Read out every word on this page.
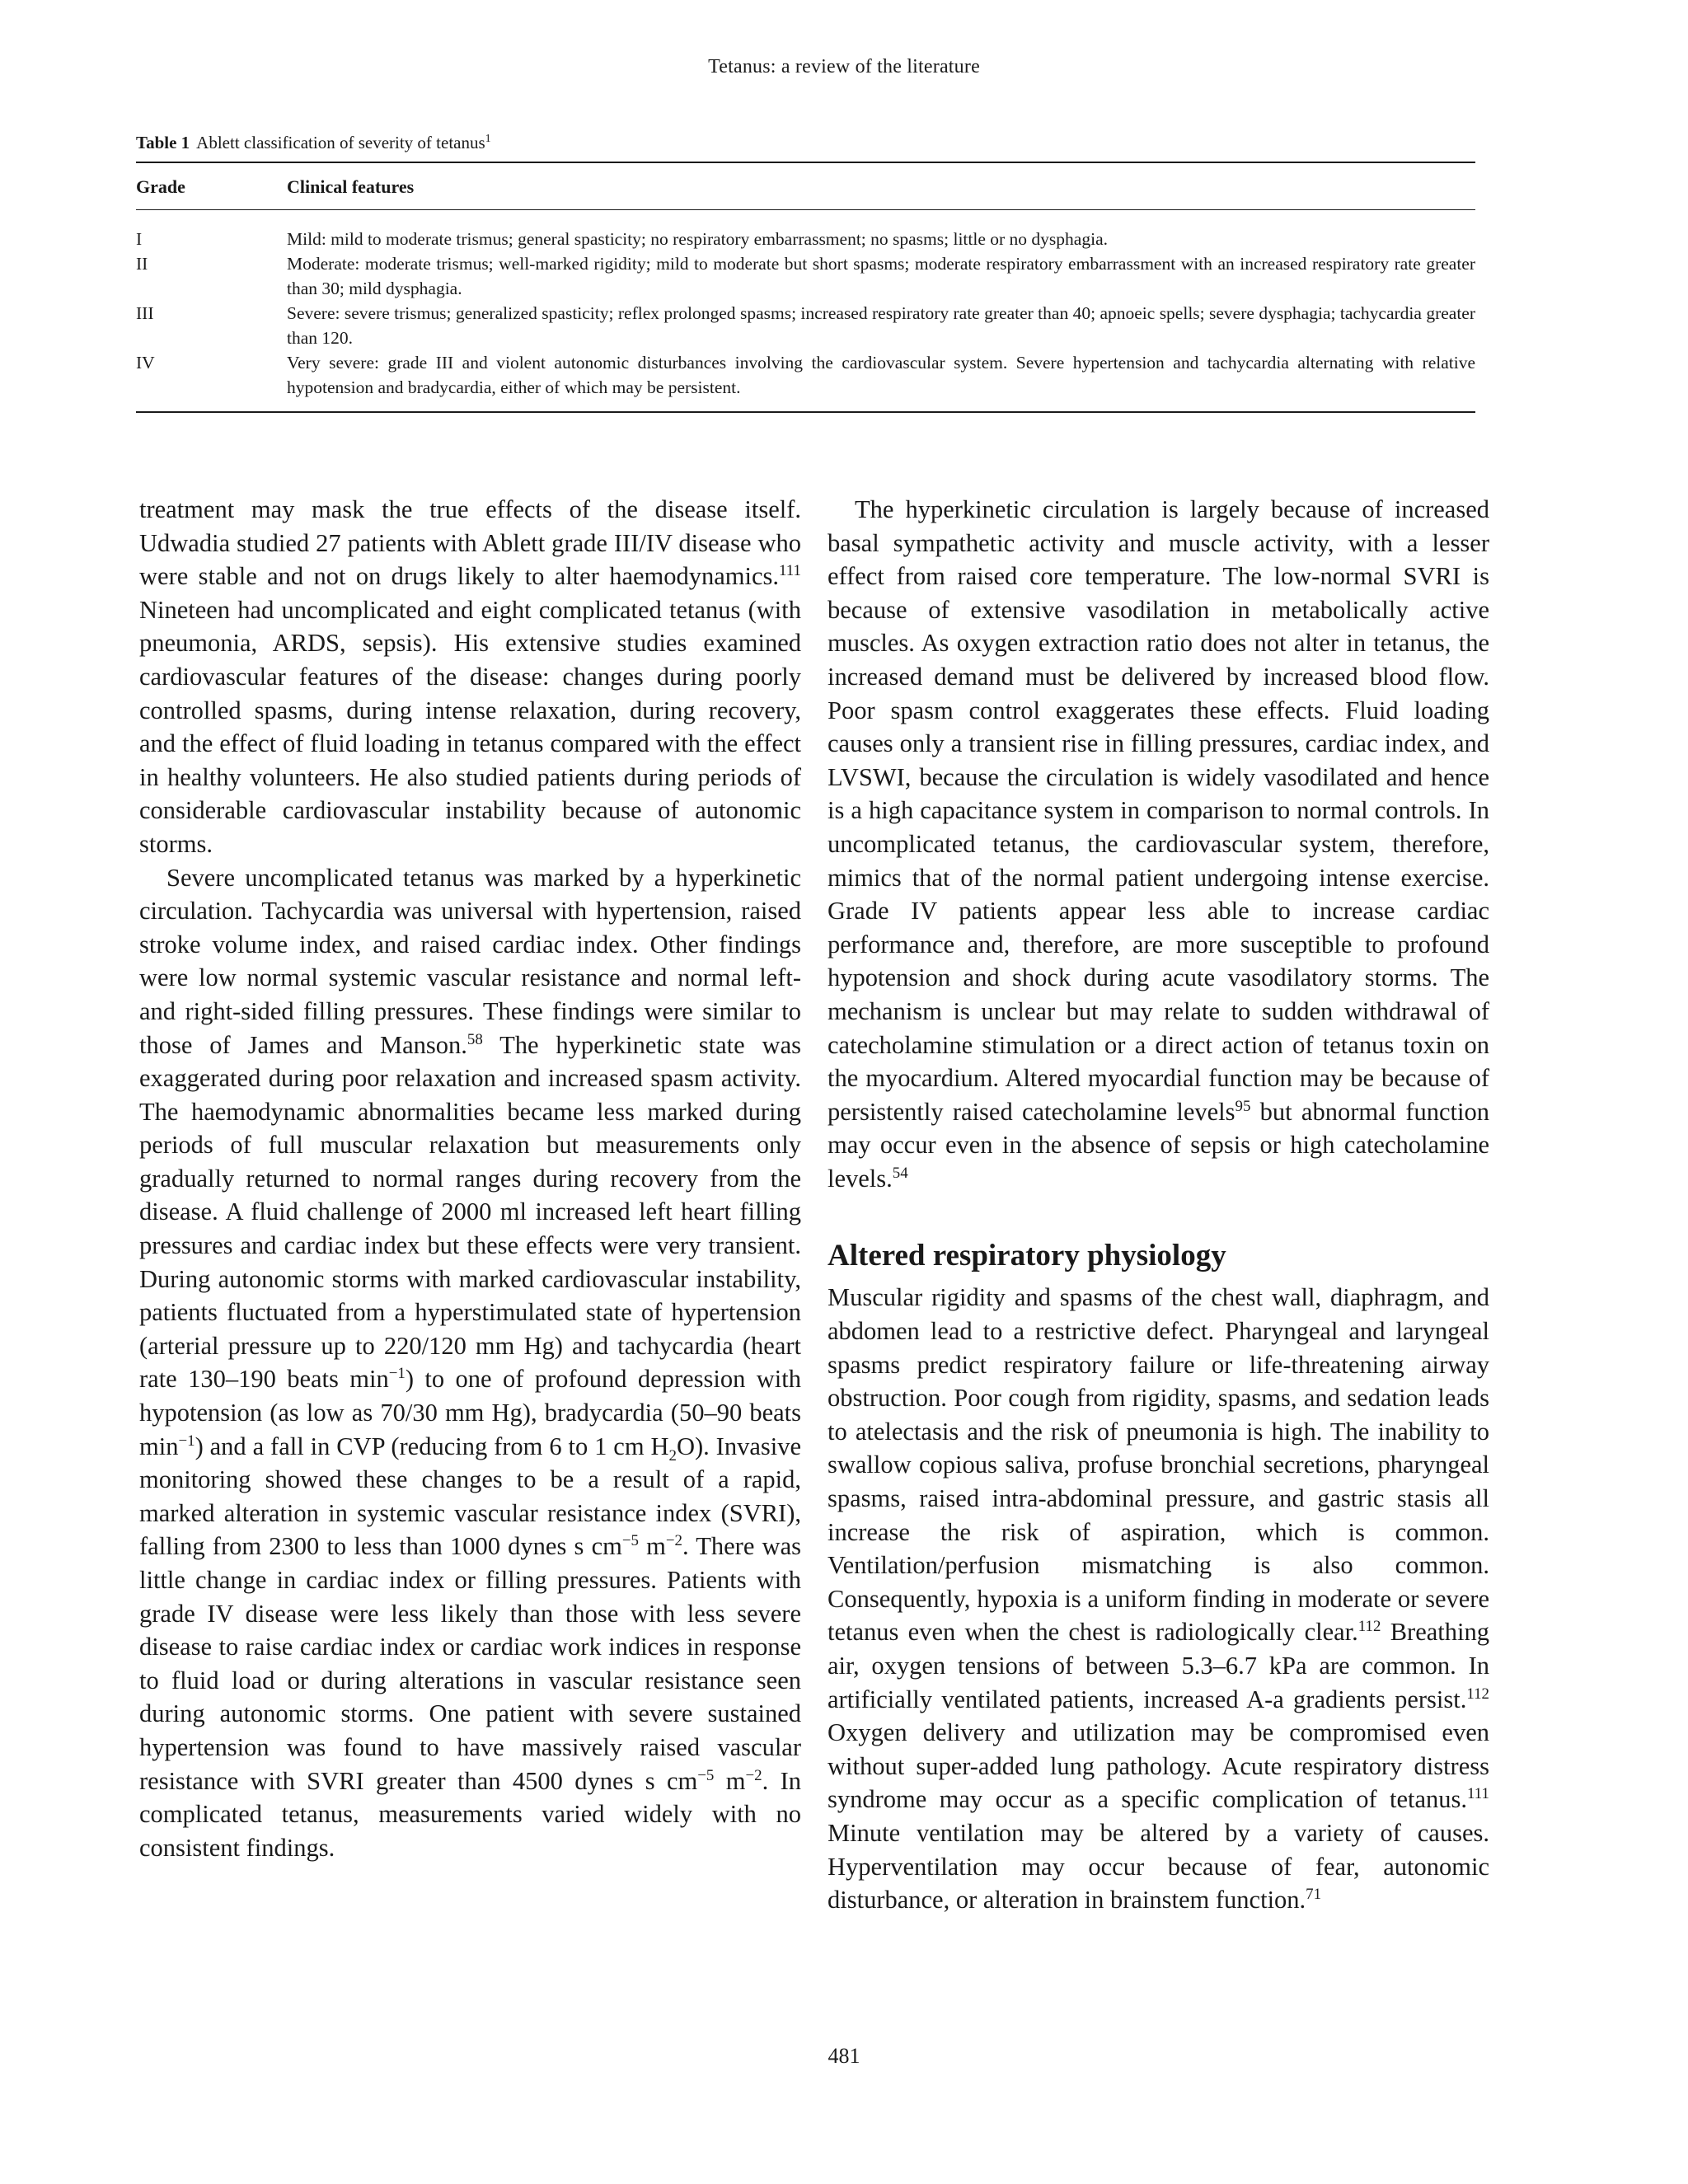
Tetanus: a review of the literature
Table 1 Ablett classification of severity of tetanus$^1$
Grade	Clinical features
I	Mild: mild to moderate trismus; general spasticity; no respiratory embarrassment; no spasms; little or no dysphagia.
II	Moderate: moderate trismus; well-marked rigidity; mild to moderate but short spasms; moderate respiratory embarrassment with an increased respiratory rate greater than 30; mild dysphagia.
III	Severe: severe trismus; generalized spasticity; reflex prolonged spasms; increased respiratory rate greater than 40; apnoeic spells; severe dysphagia; tachycardia greater than 120.
IV	Very severe: grade III and violent autonomic disturbances involving the cardiovascular system. Severe hypertension and tachycardia alternating with relative hypotension and bradycardia, either of which may be persistent.

treatment may mask the true effects of the disease itself. Udwadia studied 27 patients with Ablett grade III/IV disease who were stable and not on drugs likely to alter haemodynamics.$^{111}$ Nineteen had uncomplicated and eight complicated tetanus (with pneumonia, ARDS, sepsis). His extensive studies examined cardiovascular features of the disease: changes during poorly controlled spasms, during intense relaxation, during recovery, and the effect of fluid loading in tetanus compared with the effect in healthy volunteers. He also studied patients during periods of considerable cardiovascular instability because of autonomic storms.

Severe uncomplicated tetanus was marked by a hyperkinetic circulation. Tachycardia was universal with hypertension, raised stroke volume index, and raised cardiac index. Other findings were low normal systemic vascular resistance and normal left- and right-sided filling pressures. These findings were similar to those of James and Manson.$^{58}$ The hyperkinetic state was exaggerated during poor relaxation and increased spasm activity. The haemodynamic abnormalities became less marked during periods of full muscular relaxation but measurements only gradually returned to normal ranges during recovery from the disease. A fluid challenge of 2000 ml increased left heart filling pressures and cardiac index but these effects were very transient. During autonomic storms with marked cardiovascular instability, patients fluctuated from a hyperstimulated state of hypertension (arterial pressure up to 220/120 mm Hg) and tachycardia (heart rate 130–190 beats $\min^{-1}$) to one of profound depression with hypotension (as low as 70/30 mm Hg), bradycardia (50–90 beats $\min^{-1}$) and a fall in CVP (reducing from 6 to 1 cm $H_2O$). Invasive monitoring showed these changes to be a result of a rapid, marked alteration in systemic vascular resistance index (SVRI), falling from 2300 to less than 1000 dynes s $cm^{-5}$ $m^{-2}$. There was little change in cardiac index or filling pressures. Patients with grade IV disease were less likely than those with less severe disease to raise cardiac index or cardiac work indices in response to fluid load or during alterations in vascular resistance seen during autonomic storms. One patient with severe sustained hypertension was found to have massively raised vascular resistance with SVRI greater than 4500 dynes s $cm^{-5}$ $m^{-2}$. In complicated tetanus, measurements varied widely with no consistent findings.

The hyperkinetic circulation is largely because of increased basal sympathetic activity and muscle activity, with a lesser effect from raised core temperature. The low-normal SVRI is because of extensive vasodilation in metabolically active muscles. As oxygen extraction ratio does not alter in tetanus, the increased demand must be delivered by increased blood flow. Poor spasm control exaggerates these effects. Fluid loading causes only a transient rise in filling pressures, cardiac index, and LVSWI, because the circulation is widely vasodilated and hence is a high capacitance system in comparison to normal controls. In uncomplicated tetanus, the cardiovascular system, therefore, mimics that of the normal patient undergoing intense exercise. Grade IV patients appear less able to increase cardiac performance and, therefore, are more susceptible to profound hypotension and shock during acute vasodilatory storms. The mechanism is unclear but may relate to sudden withdrawal of catecholamine stimulation or a direct action of tetanus toxin on the myocardium. Altered myocardial function may be because of persistently raised catecholamine levels$^{95}$ but abnormal function may occur even in the absence of sepsis or high catecholamine levels.$^{54}$

Altered respiratory physiology

Muscular rigidity and spasms of the chest wall, diaphragm, and abdomen lead to a restrictive defect. Pharyngeal and laryngeal spasms predict respiratory failure or life-threatening airway obstruction. Poor cough from rigidity, spasms, and sedation leads to atelectasis and the risk of pneumonia is high. The inability to swallow copious saliva, profuse bronchial secretions, pharyngeal spasms, raised intra-abdominal pressure, and gastric stasis all increase the risk of aspiration, which is common. Ventilation/perfusion mismatching is also common. Consequently, hypoxia is a uniform finding in moderate or severe tetanus even when the chest is radiologically clear.$^{112}$ Breathing air, oxygen tensions of between 5.3–6.7 kPa are common. In artificially ventilated patients, increased A-a gradients persist.$^{112}$ Oxygen delivery and utilization may be compromised even without super-added lung pathology. Acute respiratory distress syndrome may occur as a specific complication of tetanus.$^{111}$ Minute ventilation may be altered by a variety of causes. Hyperventilation may occur because of fear, autonomic disturbance, or alteration in brainstem function.$^{71}$

481
